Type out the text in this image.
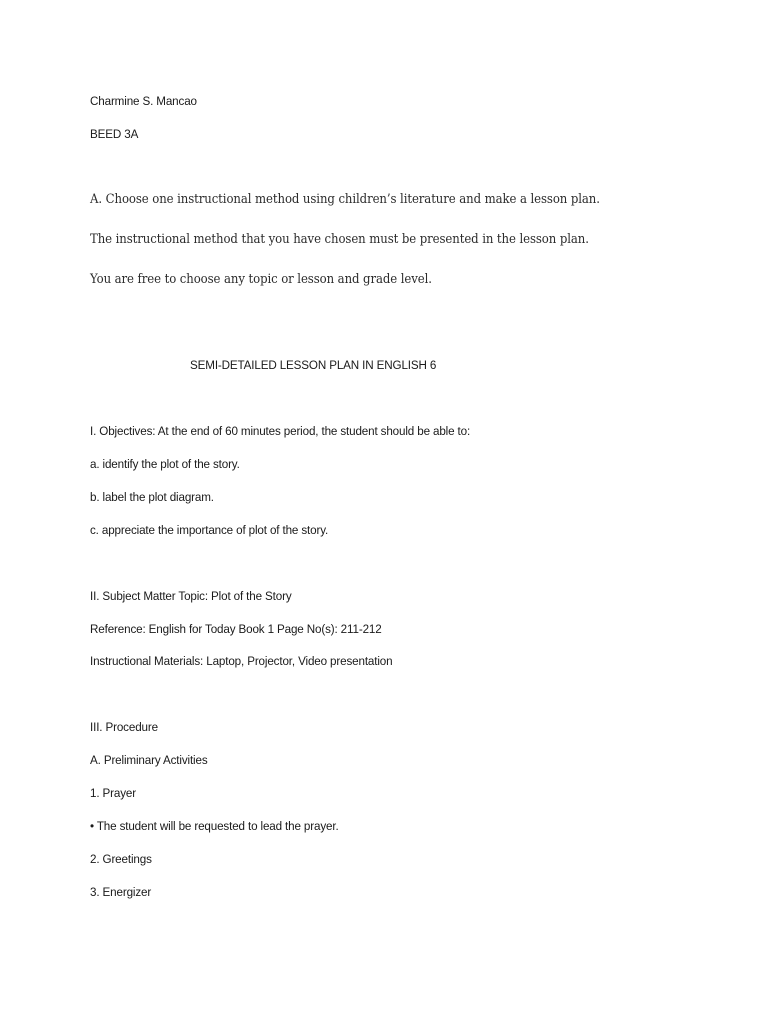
Charmine S. Mancao

BEED 3A

A. Choose one instructional method using children’s literature and make a lesson plan.

The instructional method that you have chosen must be presented in the lesson plan.

You are free to choose any topic or lesson and grade level.

SEMI-DETAILED LESSON PLAN IN ENGLISH 6

I. Objectives: At the end of 60 minutes period, the student should be able to:

a. identify the plot of the story.

b. label the plot diagram.

c. appreciate the importance of plot of the story.

II. Subject Matter Topic: Plot of the Story

Reference: English for Today Book 1 Page No(s): 211-212

Instructional Materials: Laptop, Projector, Video presentation

III. Procedure

A. Preliminary Activities

1. Prayer

• The student will be requested to lead the prayer.

2. Greetings

3. Energizer
